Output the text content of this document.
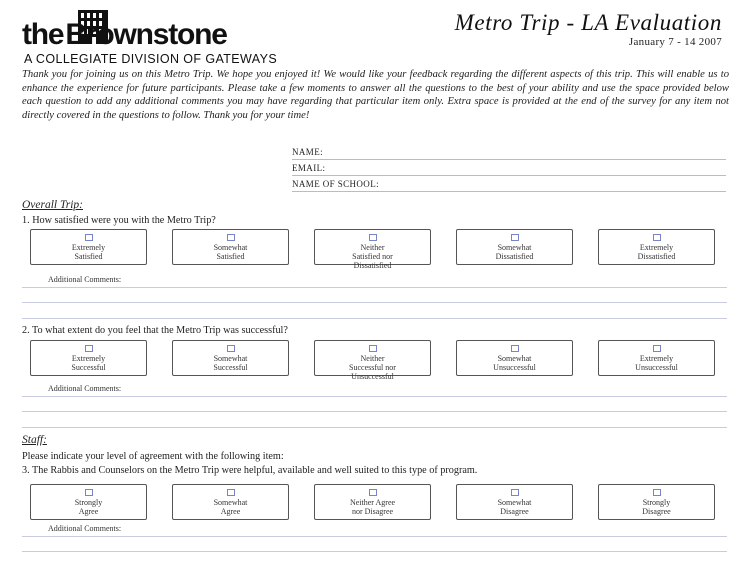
theBrownstone
A COLLEGIATE DIVISION OF GATEWAYS
Metro Trip - LA Evaluation
January 7 - 14 2007
Thank you for joining us on this Metro Trip. We hope you enjoyed it! We would like your feedback regarding the different aspects of this trip. This will enable us to enhance the experience for future participants. Please take a few moments to answer all the questions to the best of your ability and use the space provided below each question to add any additional comments you may have regarding that particular item only. Extra space is provided at the end of the survey for any item not directly covered in the questions to follow. Thank you for your time!
NAME:
EMAIL:
NAME OF SCHOOL:
Overall Trip:
1. How satisfied were you with the Metro Trip?
Extremely
Satisfied
Somewhat
Satisfied
Neither
Satisfied nor
Dissatisfied
Somewhat
Dissatisfied
Extremely
Dissatisfied
Additional Comments:
2. To what extent do you feel that the Metro Trip was successful?
Extremely
Successful
Somewhat
Successful
Neither
Successful nor
Unsuccessful
Somewhat
Unsuccessful
Extremely
Unsuccessful
Additional Comments:
Staff:
Please indicate your level of agreement with the following item:
3. The Rabbis and Counselors on the Metro Trip were helpful, available and well suited to this type of program.
Strongly
Agree
Somewhat
Agree
Neither Agree
nor Disagree
Somewhat
Disagree
Strongly
Disagree
Additional Comments:
